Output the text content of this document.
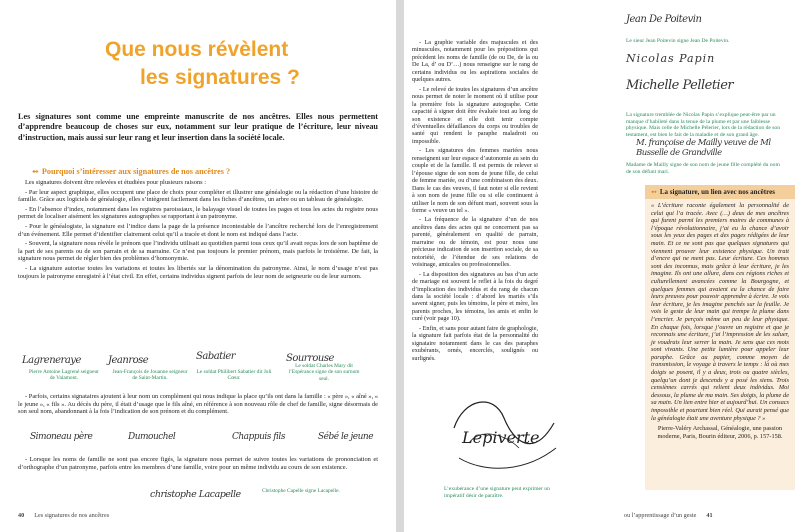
Que nous révèlent
les signatures ?
Les signatures sont comme une empreinte manuscrite de nos ancêtres. Elles nous permettent d’apprendre beaucoup de choses sur eux, notamment sur leur pratique de l’écriture, leur niveau d’instruction, mais aussi sur leur rang et leur insertion dans la société locale.
➻ Pourquoi s’intéresser aux signatures de nos ancêtres ?

Les signatures doivent être relevées et étudiées pour plusieurs raisons :

- Par leur aspect graphique, elles occupent une place de choix pour compléter et illustrer une généalogie ou la rédaction d’une histoire de famille. Grâce aux logiciels de généalogie, elles s’intègrent facilement dans les fiches d’ancêtres, un arbre ou un tableau de généalogie.

- En l’absence d’index, notamment dans les registres paroissiaux, le balayage visuel de toutes les pages et tous les actes du registre nous permet de localiser aisément les signatures autographes se rapportant à un patronyme.

- Pour le généalogiste, la signature est l’indice dans la page de la présence incontestable de l’ancêtre recherché lors de l’enregistrement d’un événement. Elle permet d’identifier clairement celui qu’il a tracée et dont le nom est indiqué dans l’acte.

- Souvent, la signature nous révèle le prénom que l’individu utilisait au quotidien parmi tous ceux qu’il avait reçus lors de son baptême de la part de ses parents ou de son parrain et de sa marraine. Ce n’est pas toujours le premier prénom, mais parfois le troisième. De fait, la signature nous permet de régler bien des problèmes d’homonymie.

- La signature autorise toutes les variations et toutes les libertés sur la dénomination du patronyme. Ainsi, le nom d’usage n’est pas toujours le patronyme enregistré à l’état civil. En effet, certains individus signent parfois de leur nom de seigneurie ou de leur surnom.

Lagreneraye	Jeanrose	Sabatier	Sourrouse
Pierre Antoine Lagrené seigneur de Valamont.
Jean-François de Jouanne seigneur de Saint-Martin.
Le soldat Philibert Sabatier dit Joli Cœur.
Le soldat Charles Mary dit l’Espérance signe de son surnom seul.

- Parfois, certains signataires ajoutent à leur nom un complément qui nous indique la place qu’ils ont dans la famille : « père », « aîné », « le jeune », « fils ». Au décès du père, il était d’usage que le fils aîné, en référence à son nouveau rôle de chef de famille, signe désormais de son seul nom, abandonnant à la fois l’indication de son prénom et du complément.

Simoneau père	Dumouchel	Chappuis fils	Sébé le jeune

- Lorsque les noms de famille ne sont pas encore figés, la signature nous permet de suivre toutes les variations de prononciation et d’orthographe d’un patronyme, parfois entre les membres d’une famille, voire pour un même individu au cours de son existence.

christophe Lacapelle	Christophe Capelle signe Lacapelle.
40 Les signatures de nos ancêtres

- La graphie variable des majuscules et des minuscules, notamment pour les prépositions qui précèdent les noms de famille (de ou De, de la ou De La, d’ ou D’…) nous renseigne sur le rang de certains individus ou les aspirations sociales de quelques autres.

- Le relevé de toutes les signatures d’un ancêtre nous permet de noter le moment où il utilise pour la première fois la signature autographe. Cette capacité à signer doit être évaluée tout au long de son existence et elle doit tenir compte d’éventuelles défaillances du corps ou troubles de santé qui rendent le paraphe maladroit ou impossible.

- Les signatures des femmes mariées nous renseignent sur leur espace d’autonomie au sein du couple et de la famille. Il est permis de relever si l’épouse signe de son nom de jeune fille, de celui de femme mariée, ou d’une combinaison des deux. Dans le cas des veuves, il faut noter si elle revient à son nom de jeune fille ou si elle continuent à utiliser le nom de son défunt mari, souvent sous la forme « veuve un tel ».

- La fréquence de la signature d’un de nos ancêtres dans des actes qui ne concernent pas sa parenté, généralement en qualité de parrain, marraine ou de témoin, est pour nous une précieuse indication de son insertion sociale, de sa notoriété, de l’étendue de ses relations de voisinage, amicales ou professionnelles.

- La disposition des signatures au bas d’un acte de mariage est souvent le reflet à la fois du degré d’implication des individus et du rang de chacun dans la société locale : d’abord les mariés s’ils savent signer, puis les témoins, le père et mère, les parents proches, les témoins, les amis et enfin le curé (voir page 10).

- Enfin, et sans pour autant faire de graphologie, la signature fait parfois état de la personnalité du signataire notamment dans le cas des paraphes exubérants, ornés, encerclés, soulignés ou surlignés.

Lepiverte
L’exubérance d’une signature peut exprimer un impératif désir de paraître.
Jean De Poitevin
Le sieur Jean Poitevin signe Jean De Poitevin.
Nicolas Papin
Michelle Pelletier
La signature tremblée de Nicolas Papin s’explique peut-être par un manque d’habileté dans la tenue de la plume et par une faiblesse physique. Mais celle de Michelle Pélerier, lors de la rédaction de son testament, est bien le fait de la maladie et de son grand âge.
M. françoise de Mailly veuve de Ml Busselle de Grandville
Madame de Mailly signe de son nom de jeune fille complété du nom de son défunt mari.
➻ La signature, un lien avec nos ancêtres
« L’écriture raconte également la personnalité de celui qui l’a tracée. Avec (…) deux de mes ancêtres qui furent parmi les premiers maires de communes à l’époque révolutionnaire, j’ai eu la chance d’avoir sous les yeux des pages et des pages rédigées de leur main. Et ce ne sont pas que quelques signatures qui viennent prouver leur existence physique. Un trait d’encre qui ne ment pas. Leur écriture. Ces hommes sont des inconnus, mais grâce à leur écriture, je les imagine. Ils ont une allure, dans ces régions riches et culturellement avancées comme la Bourgogne, et quelques femmes qui avaient eu la chance de faire leurs preuves pour pouvoir apprendre à écrire. Je vois leur écriture, je les imagine penchés sur la feuille. Je vois le geste de leur main qui trempe la plume dans l’encrier. Je perçois même un peu de leur physique. En chaque fois, lorsque j’ouvre un registre et que je reconnais une écriture, j’ai l’impression de les saluer, je voudrais leur serrer la main. Je sens que ces mots sont vivants. Une petite lumière pour appeler leur paraphe. Grâce au papier, comme moyen de transmission, le voyage à travers le temps : là où mes doigts se posent, il y a deux, trois ou quatre siècles, quelqu’un dont je descends y a posé les siens. Trois censièmes carrés qui relient deux individus. Moi dessous, la plume de ma main. Ses doigts, la plume de sa main. Un lien entre hier et aujourd’hui. Un consacs impossible et pourtant bien réel. Qui aurait pensé que la généalogie était une aventure physique ? »
Pierre-Valéry Archassal, Généalogie, une passion moderne, Paris, Bourin éditeur, 2006, p. 157-158.
ou l’apprentissage d’un geste 41
